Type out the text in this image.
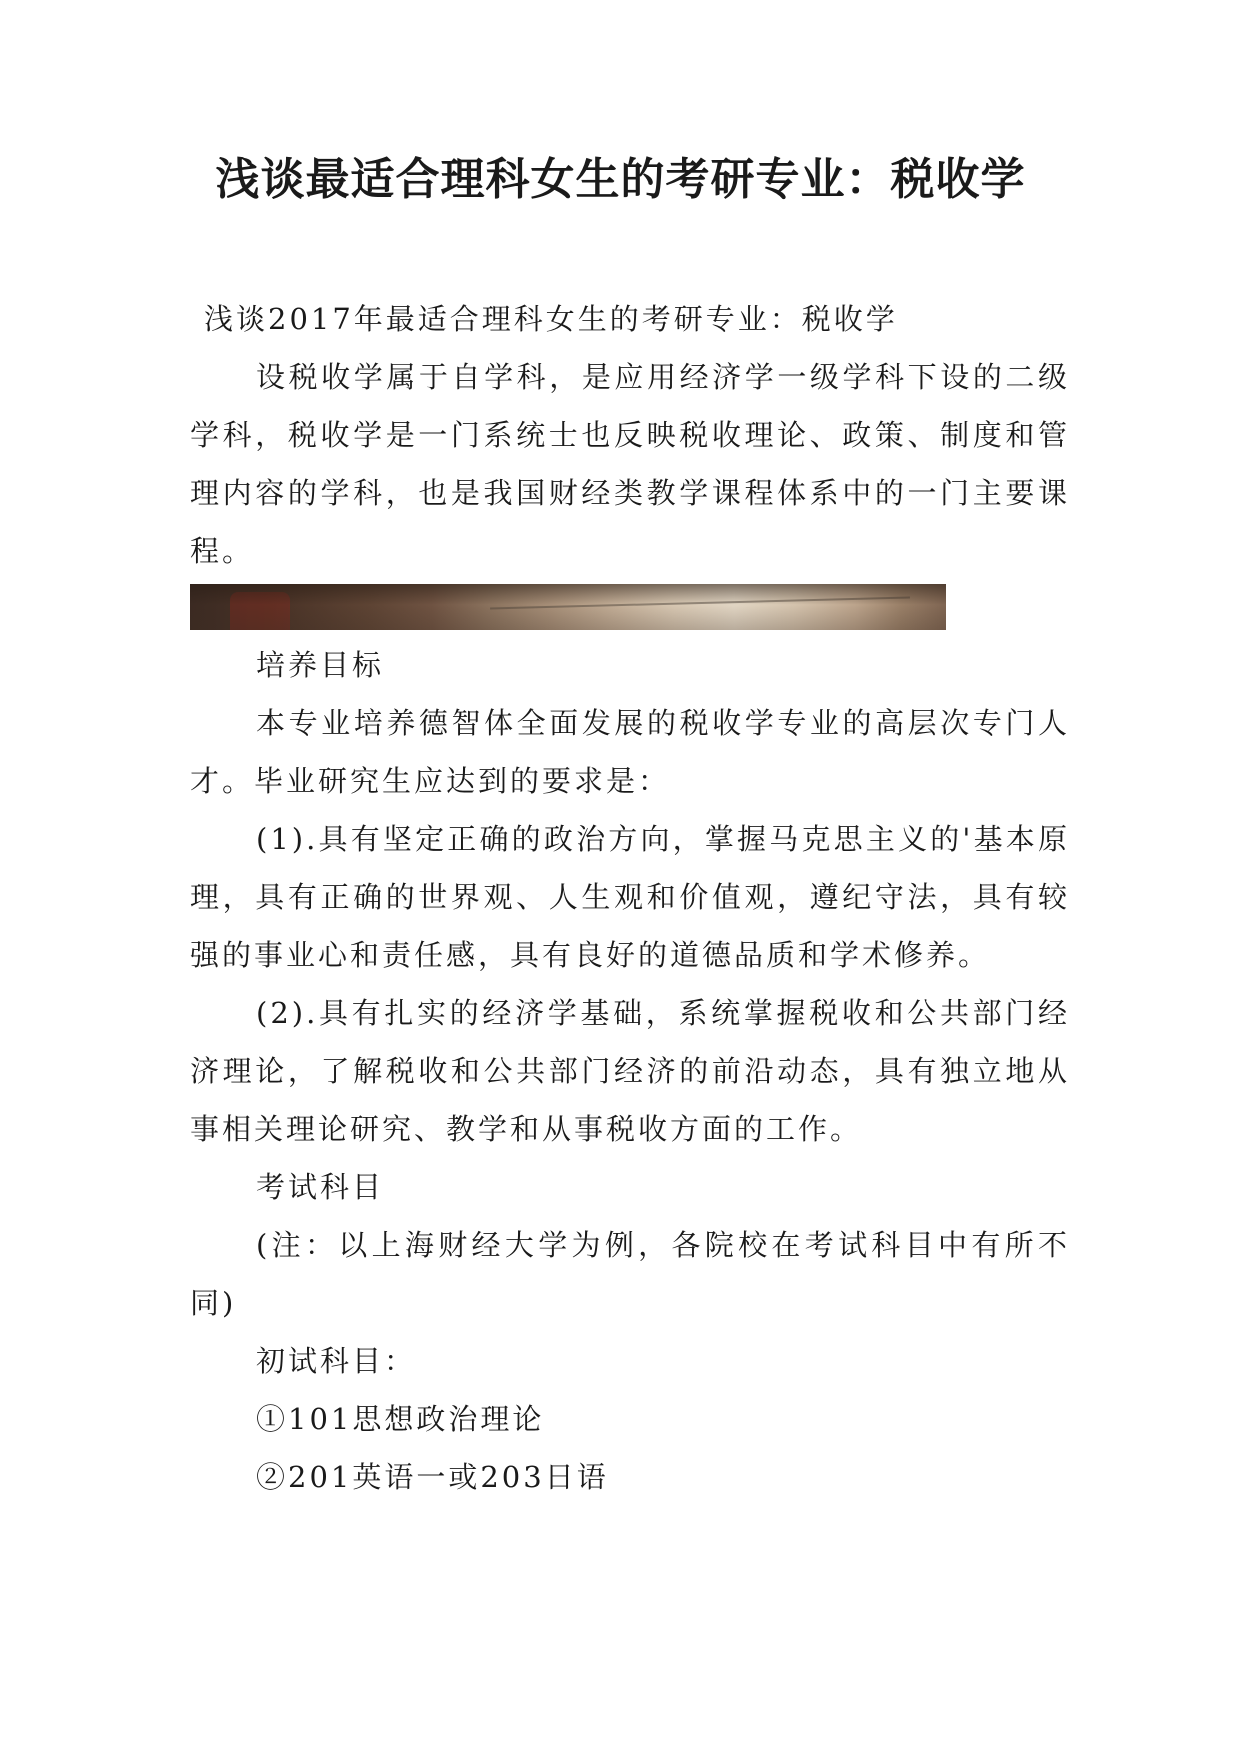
浅谈最适合理科女生的考研专业：税收学

浅谈2017年最适合理科女生的考研专业：税收学

设税收学属于自学科，是应用经济学一级学科下设的二级学科，税收学是一门系统士也反映税收理论、政策、制度和管理内容的学科，也是我国财经类教学课程体系中的一门主要课程。

培养目标

本专业培养德智体全面发展的税收学专业的高层次专门人才。毕业研究生应达到的要求是：

(1).具有坚定正确的政治方向，掌握马克思主义的'基本原理，具有正确的世界观、人生观和价值观，遵纪守法，具有较强的事业心和责任感，具有良好的道德品质和学术修养。

(2).具有扎实的经济学基础，系统掌握税收和公共部门经济理论，了解税收和公共部门经济的前沿动态，具有独立地从事相关理论研究、教学和从事税收方面的工作。

考试科目

(注：以上海财经大学为例，各院校在考试科目中有所不同)

初试科目：

①101思想政治理论

②201英语一或203日语
